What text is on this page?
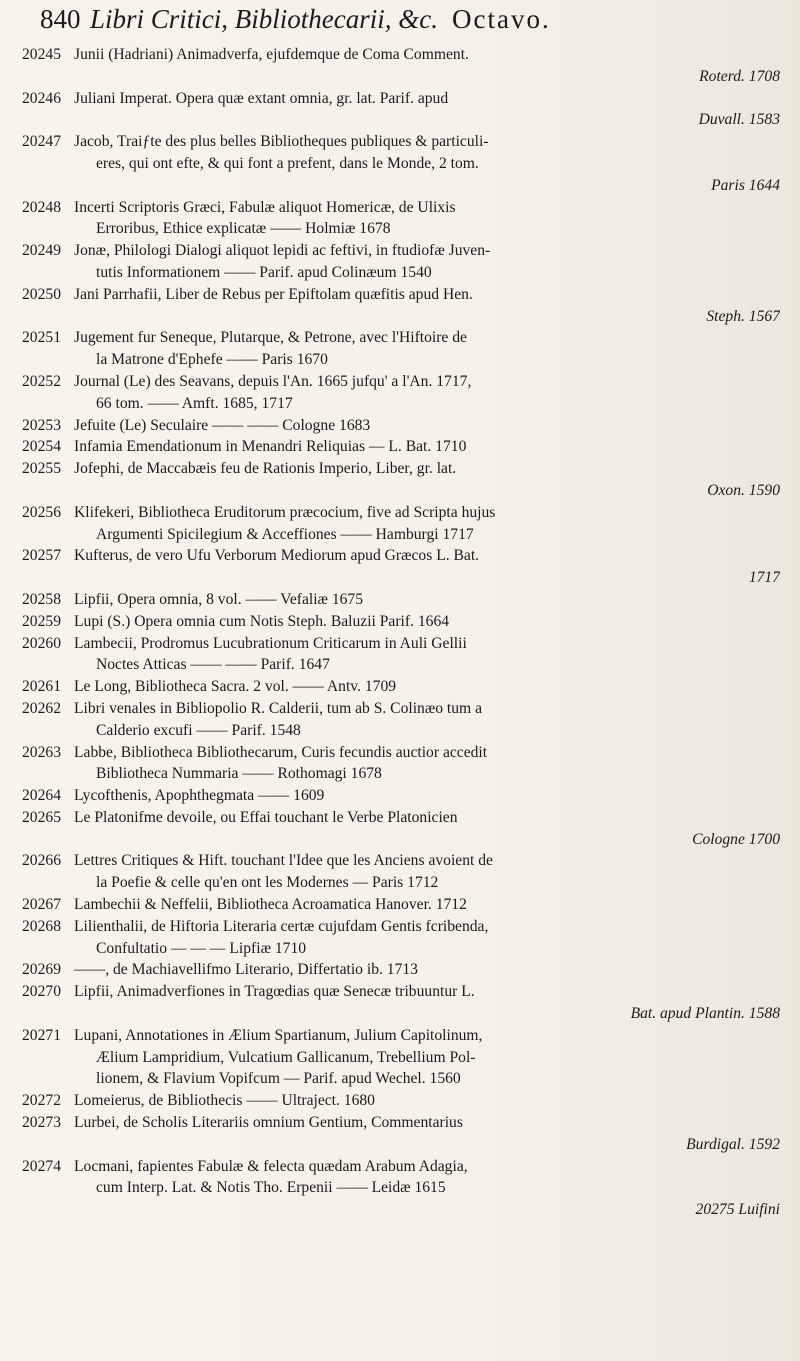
840 Libri Critici, Bibliothecarii, &c. Octavo.
20245 Junii (Hadriani) Animadverfa, ejufdemque de Coma Comment.
Roterd. 1708
20246 Juliani Imperat. Opera quæ extant omnia, gr. lat. Parif. apud
Duvall. 1583
20247 Jacob, Traiƒte des plus belles Bibliotheques publiques & particuli-
eres, qui ont efte, & qui font a prefent, dans le Monde, 2 tom.
Paris 1644
20248 Incerti Scriptoris Græci, Fabulæ aliquot Homericæ, de Ulixis
Erroribus, Ethice explicatæ —— Holmiæ 1678
20249 Jonæ, Philologi Dialogi aliquot lepidi ac feftivi, in ftudiofæ Juven-
tutis Informationem —— Parif. apud Colinæum 1540
20250 Jani Parrhafii, Liber de Rebus per Epiftolam quæfitis apud Hen.
Steph. 1567
20251 Jugement fur Seneque, Plutarque, & Petrone, avec l'Hiftoire de
la Matrone d'Ephefe —— Paris 1670
20252 Journal (Le) des Seavans, depuis l'An. 1665 jufqu' a l'An. 1717,
66 tom. —— Amft. 1685, 1717
20253 Jefuite (Le) Seculaire —— —— Cologne 1683
20254 Infamia Emendationum in Menandri Reliquias — L. Bat. 1710
20255 Jofephi, de Maccabæis feu de Rationis Imperio, Liber, gr. lat.
Oxon. 1590
20256 Klifekeri, Bibliotheca Eruditorum præcocium, five ad Scripta hujus
Argumenti Spicilegium & Acceffiones —— Hamburgi 1717
20257 Kufterus, de vero Ufu Verborum Mediorum apud Græcos L. Bat.
1717
20258 Lipfii, Opera omnia, 8 vol. —— Vefaliæ 1675
20259 Lupi (S.) Opera omnia cum Notis Steph. Baluzii Parif. 1664
20260 Lambecii, Prodromus Lucubrationum Criticarum in Auli Gellii
Noctes Atticas —— —— Parif. 1647
20261 Le Long, Bibliotheca Sacra. 2 vol. —— Antv. 1709
20262 Libri venales in Bibliopolio R. Calderii, tum ab S. Colinæo tum a
Calderio excufi —— Parif. 1548
20263 Labbe, Bibliotheca Bibliothecarum, Curis fecundis auctior accedit
Bibliotheca Nummaria —— Rothomagi 1678
20264 Lycofthenis, Apophthegmata —— 1609
20265 Le Platonifme devoile, ou Effai touchant le Verbe Platonicien
Cologne 1700
20266 Lettres Critiques & Hift. touchant l'Idee que les Anciens avoient de
la Poefie & celle qu'en ont les Modernes — Paris 1712
20267 Lambechii & Neffelii, Bibliotheca Acroamatica Hanover. 1712
20268 Lilienthalii, de Hiftoria Literaria certæ cujufdam Gentis fcribenda,
Confultatio — — — Lipfiæ 1710
20269 ——, de Machiavellifmo Literario, Differtatio ib. 1713
20270 Lipfii, Animadverfiones in Tragœdias quæ Senecæ tribuuntur L.
Bat. apud Plantin. 1588
20271 Lupani, Annotationes in Ælium Spartianum, Julium Capitolinum,
Ælium Lampridium, Vulcatium Gallicanum, Trebellium Pol-
lionem, & Flavium Vopifcum — Parif. apud Wechel. 1560
20272 Lomeierus, de Bibliothecis —— Ultraject. 1680
20273 Lurbei, de Scholis Literariis omnium Gentium, Commentarius
Burdigal. 1592
20274 Locmani, fapientes Fabulæ & felecta quædam Arabum Adagia,
cum Interp. Lat. & Notis Tho. Erpenii —— Leidæ 1615
20275 Luifini
